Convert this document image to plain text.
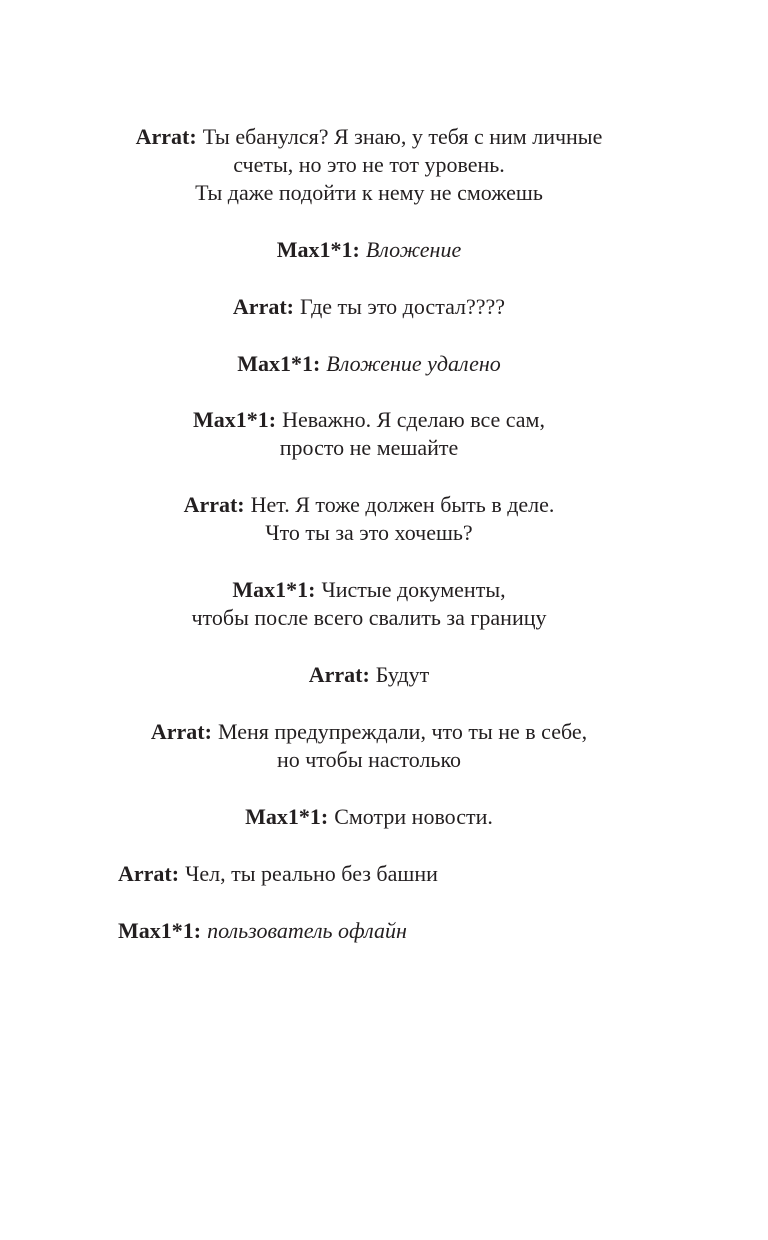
Arrat: Ты ебанулся? Я знаю, у тебя с ним личные
счеты, но это не тот уровень.
Ты даже подойти к нему не сможешь
Max1*1: Вложение
Arrat: Где ты это достал????
Max1*1: Вложение удалено
Max1*1: Неважно. Я сделаю все сам,
просто не мешайте
Arrat: Нет. Я тоже должен быть в деле.
Что ты за это хочешь?
Max1*1: Чистые документы,
чтобы после всего свалить за границу
Arrat: Будут
Arrat: Меня предупреждали, что ты не в себе,
но чтобы настолько
Max1*1: Смотри новости.
Arrat: Чел, ты реально без башни
Max1*1: пользователь офлайн
